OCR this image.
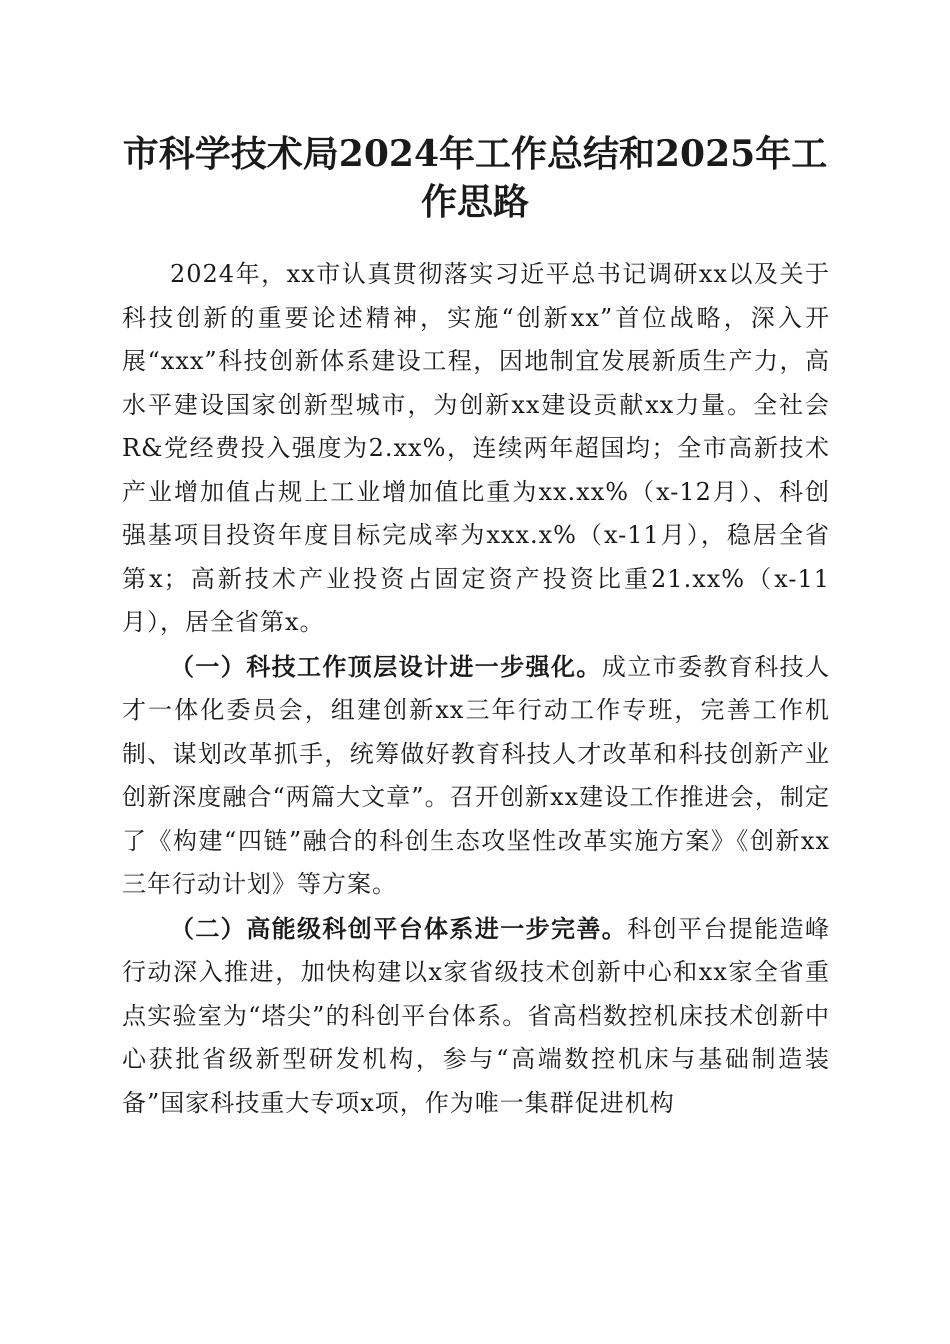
市科学技术局2024年工作总结和2025年工作思路

2024年，xx市认真贯彻落实习近平总书记调研xx以及关于科技创新的重要论述精神，实施“创新xx”首位战略，深入开展“xxx”科技创新体系建设工程，因地制宜发展新质生产力，高水平建设国家创新型城市，为创新xx建设贡献xx力量。全社会R&党经费投入强度为2.xx%，连续两年超国均；全市高新技术产业增加值占规上工业增加值比重为xx.xx%（x-12月）、科创强基项目投资年度目标完成率为xxx.x%（x-11月），稳居全省第x；高新技术产业投资占固定资产投资比重21.xx%（x-11月），居全省第x。

（一）科技工作顶层设计进一步强化。成立市委教育科技人才一体化委员会，组建创新xx三年行动工作专班，完善工作机制、谋划改革抓手，统筹做好教育科技人才改革和科技创新产业创新深度融合“两篇大文章”。召开创新xx建设工作推进会，制定了《构建“四链”融合的科创生态攻坚性改革实施方案》《创新xx三年行动计划》等方案。

（二）高能级科创平台体系进一步完善。科创平台提能造峰行动深入推进，加快构建以x家省级技术创新中心和xx家全省重点实验室为“塔尖”的科创平台体系。省高档数控机床技术创新中心获批省级新型研发机构，参与“高端数控机床与基础制造装备”国家科技重大专项x项，作为唯一集群促进机构
